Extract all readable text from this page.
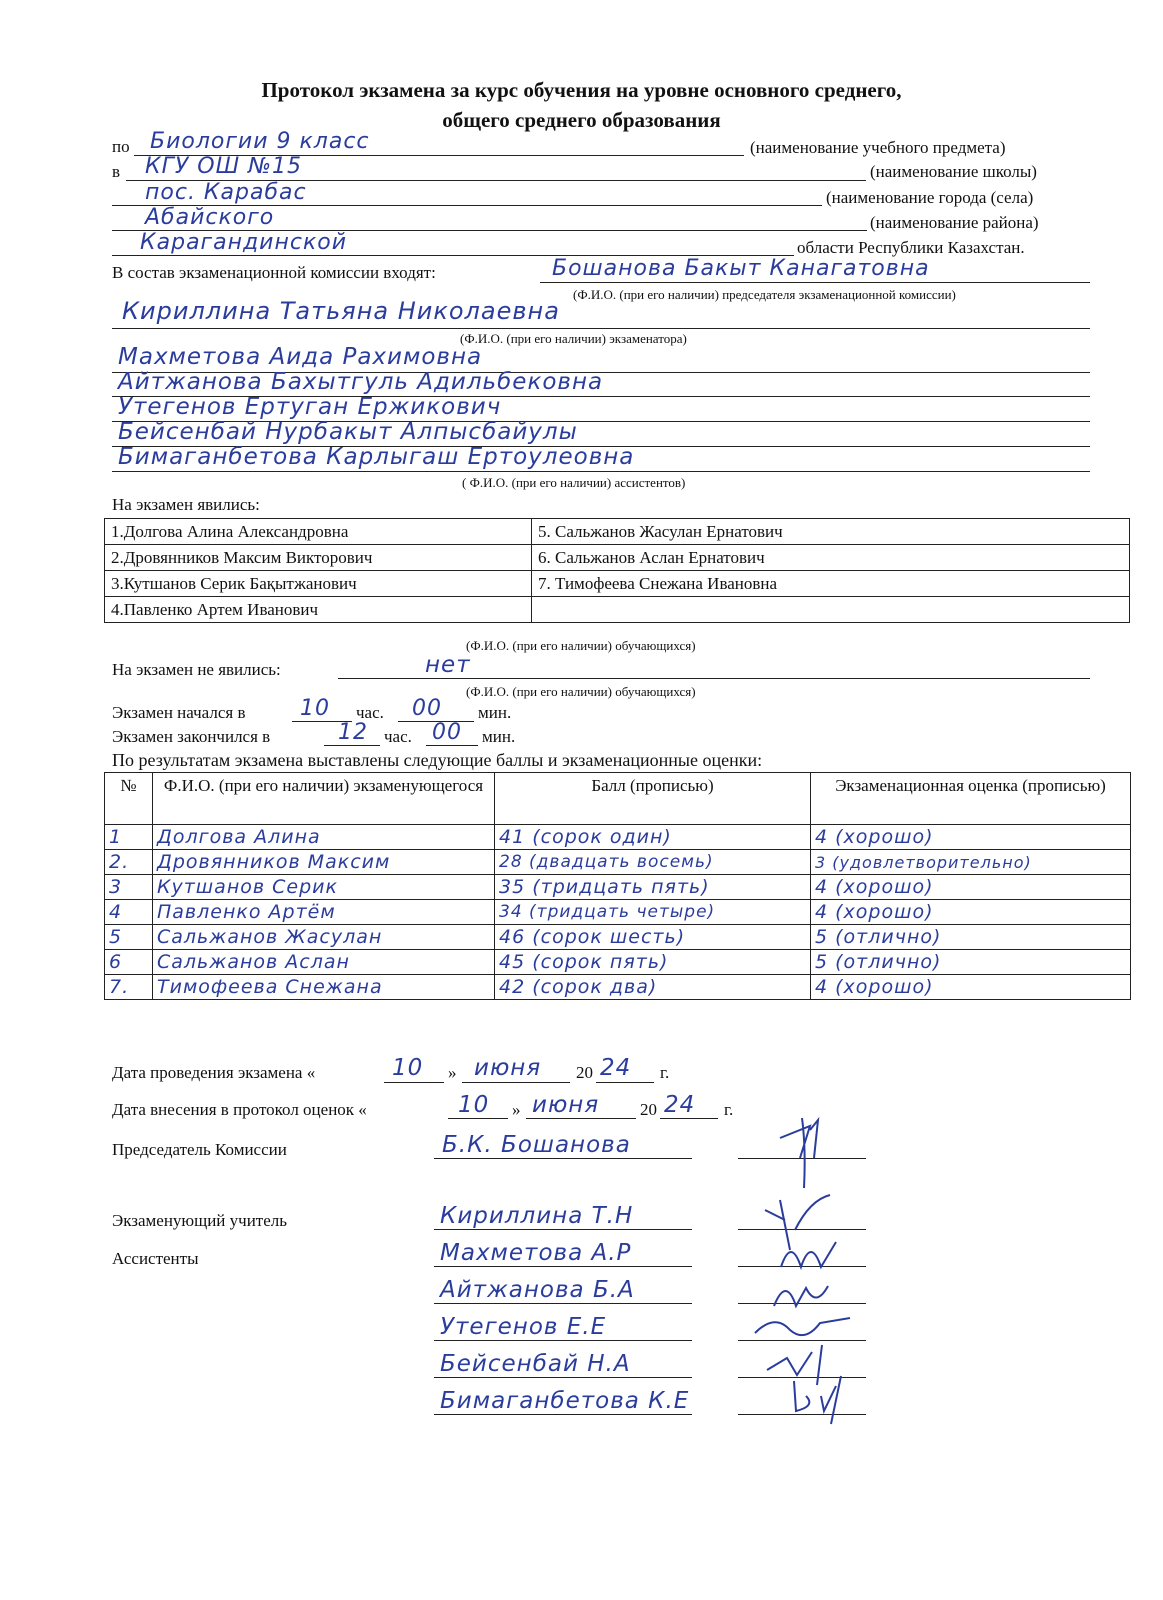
Протокол экзамена за курс обучения на уровне основного среднего,
общего среднего образования
по Биологии 9 класс	(наименование учебного предмета)
в КГУ ОШ №15	(наименование школы)
пос. Карабас	(наименование города (села)
Абайского	(наименование района)
Карагандинской	области Республики Казахстан.
В состав экзаменационной комиссии входят:	Бошанова Бакыт Канагатовна
(Ф.И.О. (при его наличии) председателя экзаменационной комиссии)
Кириллина Татьяна Николаевна
(Ф.И.О. (при его наличии) экзаменатора)
Махметова Аида Рахимовна
Айтжанова Бахытгуль Адильбековна
Утегенов Ертуган Ержикович
Бейсенбай Нурбакыт Алпысбайулы
Бимаганбетова Карлыгаш Ертоулеовна
( Ф.И.О. (при его наличии) ассистентов)
На экзамен явились:
1.Долгова Алина Александровна	5. Сальжанов Жасулан Ернатович
2.Дровянников Максим Викторович	6. Сальжанов Аслан Ернатович
3.Кутшанов Серик Бақытжанович	7. Тимофеева Снежана Ивановна
4.Павленко Артем Иванович	
(Ф.И.О. (при его наличии) обучающихся)
На экзамен не явились:	нет
(Ф.И.О. (при его наличии) обучающихся)
Экзамен начался в 10 час. 00 мин.
Экзамен закончился в	12 час. 00 мин.
По результатам экзамена выставлены следующие баллы и экзаменационные оценки:
№	Ф.И.О. (при его наличии) экзаменующегося	Балл (прописью)	Экзаменационная оценка (прописью)
1	Долгова Алина	41 (сорок один)	4 (хорошо)
2.	Дровянников Максим	28 (двадцать восемь)	3 (удовлетворительно)
3	Кутшанов Серик	35 (тридцать пять)	4 (хорошо)
4	Павленко Артём	34 (тридцать четыре)	4 (хорошо)
5	Сальжанов Жасулан	46 (сорок шесть)	5 (отлично)
6	Сальжанов Аслан	45 (сорок пять)	5 (отлично)
7.	Тимофеева Снежана	42 (сорок два)	4 (хорошо)
Дата проведения экзамена «	10 » июня 20 24 г.
Дата внесения в протокол оценок «	10 » июня 20 24 г.
Председатель Комиссии	Б.К. Бошанова
Экзаменующий учитель	Кириллина Т.Н
Ассистенты	Махметова А.Р
Айтжанова Б.А
Утегенов Е.Е
Бейсенбай Н.А
Бимаганбетова К.Е
